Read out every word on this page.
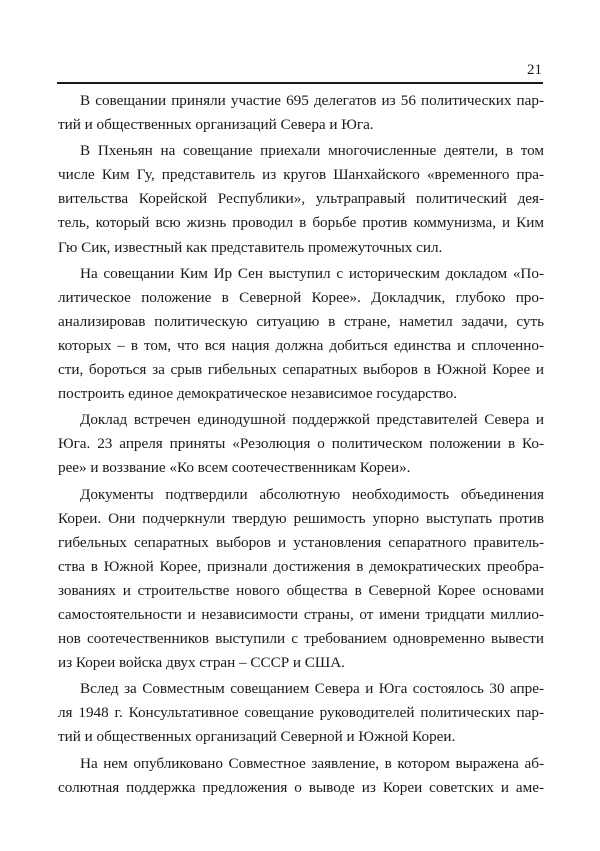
21

В совещании приняли участие 695 делегатов из 56 политических пар-
тий и общественных организаций Севера и Юга.

В Пхеньян на совещание приехали многочисленные деятели, в том
числе Ким Гу, представитель из кругов Шанхайского «временного пра-
вительства Корейской Республики», ультраправый политический дея-
тель, который всю жизнь проводил в борьбе против коммунизма, и Ким
Гю Сик, известный как представитель промежуточных сил.

На совещании Ким Ир Сен выступил с историческим докладом «По-
литическое положение в Северной Корее». Докладчик, глубоко про-
анализировав политическую ситуацию в стране, наметил задачи, суть
которых – в том, что вся нация должна добиться единства и сплоченно-
сти, бороться за срыв гибельных сепаратных выборов в Южной Корее и
построить единое демократическое независимое государство.

Доклад встречен единодушной поддержкой представителей Севера и
Юга. 23 апреля приняты «Резолюция о политическом положении в Ко-
рее» и воззвание «Ко всем соотечественникам Кореи».

Документы подтвердили абсолютную необходимость объединения
Кореи. Они подчеркнули твердую решимость упорно выступать против
гибельных сепаратных выборов и установления сепаратного правитель-
ства в Южной Корее, признали достижения в демократических преобра-
зованиях и строительстве нового общества в Северной Корее основами
самостоятельности и независимости страны, от имени тридцати миллио-
нов соотечественников выступили с требованием одновременно вывести
из Кореи войска двух стран – СССР и США.

Вслед за Совместным совещанием Севера и Юга состоялось 30 апре-
ля 1948 г. Консультативное совещание руководителей политических пар-
тий и общественных организаций Северной и Южной Кореи.

На нем опубликовано Совместное заявление, в котором выражена аб-
солютная поддержка предложения о выводе из Кореи советских и аме-
